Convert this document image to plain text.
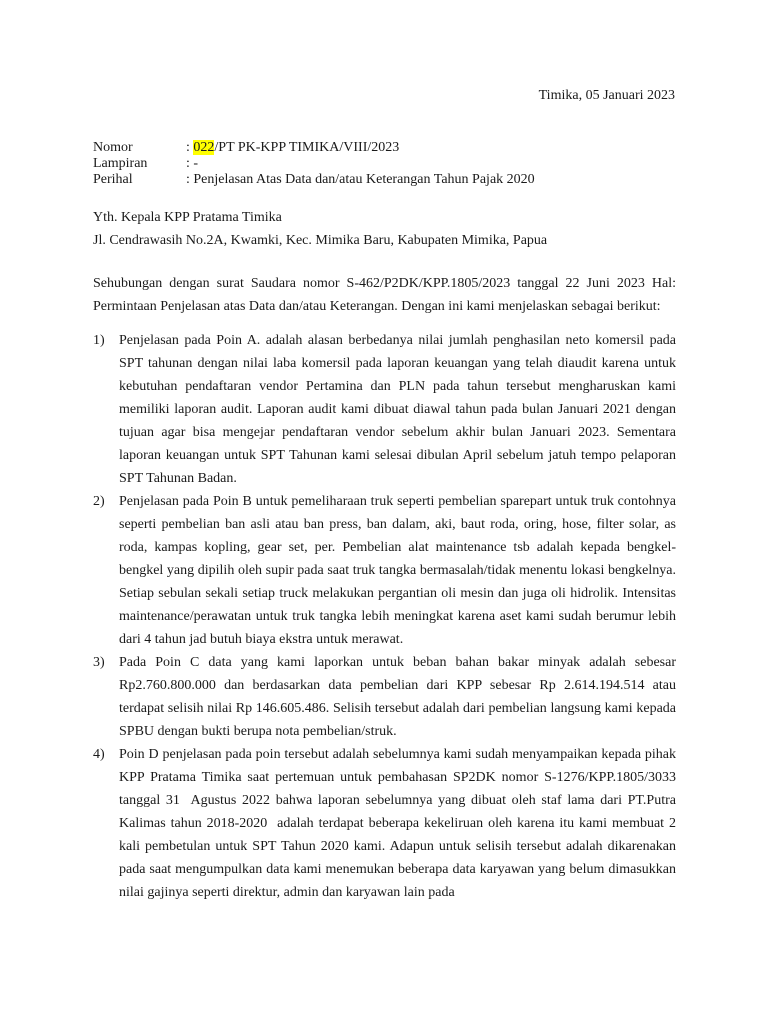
Timika, 05 Januari 2023
Nomor	: 022/PT PK-KPP TIMIKA/VIII/2023
Lampiran	: -
Perihal	: Penjelasan Atas Data dan/atau Keterangan Tahun Pajak 2020
Yth. Kepala KPP Pratama Timika
Jl. Cendrawasih No.2A, Kwamki, Kec. Mimika Baru, Kabupaten Mimika, Papua
Sehubungan dengan surat Saudara nomor S-462/P2DK/KPP.1805/2023 tanggal 22 Juni 2023 Hal: Permintaan Penjelasan atas Data dan/atau Keterangan. Dengan ini kami menjelaskan sebagai berikut:
1)	Penjelasan pada Poin A. adalah alasan berbedanya nilai jumlah penghasilan neto komersil pada SPT tahunan dengan nilai laba komersil pada laporan keuangan yang telah diaudit karena untuk kebutuhan pendaftaran vendor Pertamina dan PLN pada tahun tersebut mengharuskan kami memiliki laporan audit. Laporan audit kami dibuat diawal tahun pada bulan Januari 2021 dengan tujuan agar bisa mengejar pendaftaran vendor sebelum akhir bulan Januari 2023. Sementara laporan keuangan untuk SPT Tahunan kami selesai dibulan April sebelum jatuh tempo pelaporan SPT Tahunan Badan.
2)	Penjelasan pada Poin B untuk pemeliharaan truk seperti pembelian sparepart untuk truk contohnya seperti pembelian ban asli atau ban press, ban dalam, aki, baut roda, oring, hose, filter solar, as roda, kampas kopling, gear set, per. Pembelian alat maintenance tsb adalah kepada bengkel-bengkel yang dipilih oleh supir pada saat truk tangka bermasalah/tidak menentu lokasi bengkelnya.  Setiap sebulan sekali setiap truck melakukan pergantian oli mesin dan juga oli hidrolik. Intensitas maintenance/perawatan untuk truk tangka lebih meningkat karena aset kami sudah berumur lebih dari 4 tahun jad butuh biaya ekstra untuk merawat.
3)	Pada Poin C data yang kami laporkan untuk beban bahan bakar minyak adalah sebesar Rp2.760.800.000 dan berdasarkan data pembelian dari KPP sebesar Rp 2.614.194.514 atau terdapat selisih nilai Rp 146.605.486. Selisih tersebut adalah dari pembelian langsung kami kepada SPBU dengan bukti berupa nota pembelian/struk.
4)	Poin D penjelasan pada poin tersebut adalah sebelumnya kami sudah menyampaikan kepada pihak KPP Pratama Timika saat pertemuan untuk pembahasan SP2DK nomor S-1276/KPP.1805/3033 tanggal 31  Agustus 2022 bahwa laporan sebelumnya yang dibuat oleh staf lama dari PT.Putra Kalimas tahun 2018-2020  adalah terdapat beberapa kekeliruan oleh karena itu kami membuat 2 kali pembetulan untuk SPT Tahun 2020 kami. Adapun untuk selisih tersebut adalah dikarenakan pada saat mengumpulkan data kami menemukan beberapa data karyawan yang belum dimasukkan nilai gajinya seperti direktur, admin dan karyawan lain pada
